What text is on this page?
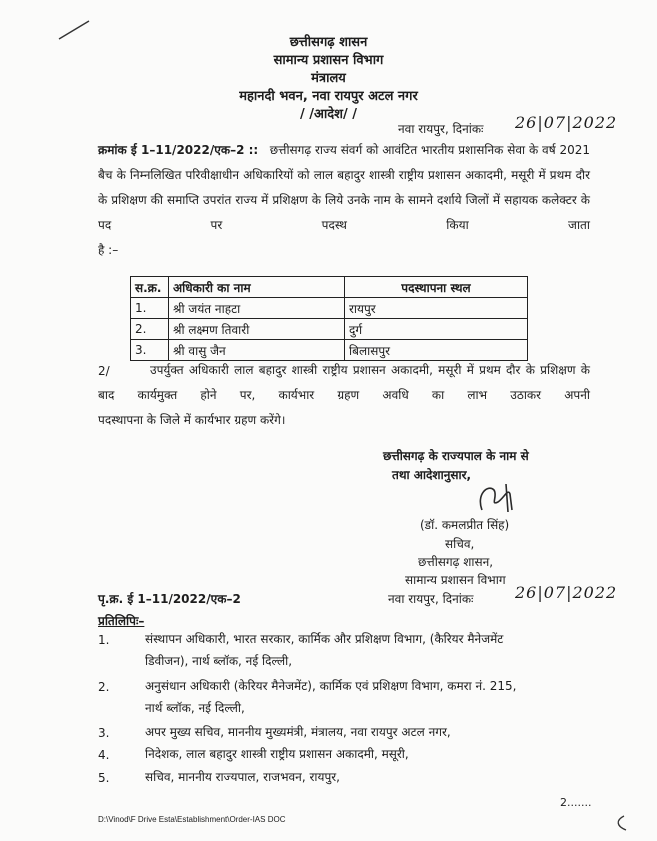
छत्तीसगढ़ शासन
सामान्य प्रशासन विभाग
मंत्रालय
महानदी भवन, नवा रायपुर अटल नगर
/ /आदेश/ /
नवा रायपुर, दिनांकः 26|07|2022
क्रमांक ई 1–11/2022/एक–2 :: छत्तीसगढ़ राज्य संवर्ग को आवंटित भारतीय प्रशासनिक सेवा के वर्ष 2021 बैच के निम्नलिखित परिवीक्षाधीन अधिकारियों को लाल बहादुर शास्त्री राष्ट्रीय प्रशासन अकादमी, मसूरी में प्रथम दौर के प्रशिक्षण की समाप्ति उपरांत राज्य में प्रशिक्षण के लिये उनके नाम के सामने दर्शाये जिलों में सहायक कलेक्टर के पद पर पदस्थ किया जाता
है :–
स.क्र.	अधिकारी का नाम	पदस्थापना स्थल
1.	श्री जयंत नाहटा	रायपुर
2.	श्री लक्ष्मण तिवारी	दुर्ग
3.	श्री वासु जैन	बिलासपुर
2/	उपर्युक्त अधिकारी लाल बहादुर शास्त्री राष्ट्रीय प्रशासन अकादमी, मसूरी में प्रथम दौर के प्रशिक्षण के बाद कार्यमुक्त होने पर, कार्यभार ग्रहण अवधि का लाभ उठाकर अपनी
पदस्थापना के जिले में कार्यभार ग्रहण करेंगे।
छत्तीसगढ़ के राज्यपाल के नाम से
तथा आदेशानुसार,
(डॉ. कमलप्रीत सिंह)
सचिव,
छत्तीसगढ़ शासन,
सामान्य प्रशासन विभाग
पृ.क्र. ई 1–11/2022/एक–2	नवा रायपुर, दिनांकः	26|07|2022
प्रतिलिपिः–
1.	संस्थापन अधिकारी, भारत सरकार, कार्मिक और प्रशिक्षण विभाग, (कैरियर मैनेजमेंट
डिवीजन), नार्थ ब्लॉक, नई दिल्ली,
2.	अनुसंधान अधिकारी (केरियर मैनेजमेंट), कार्मिक एवं प्रशिक्षण विभाग, कमरा नं. 215,
नार्थ ब्लॉक, नई दिल्ली,
3.	अपर मुख्य सचिव, माननीय मुख्यमंत्री, मंत्रालय, नवा रायपुर अटल नगर,
4.	निदेशक, लाल बहादुर शास्त्री राष्ट्रीय प्रशासन अकादमी, मसूरी,
5.	सचिव, माननीय राज्यपाल, राजभवन, रायपुर,
2.......
D:\Vinod\F Drive Esta\Establishment\Order-IAS DOC
